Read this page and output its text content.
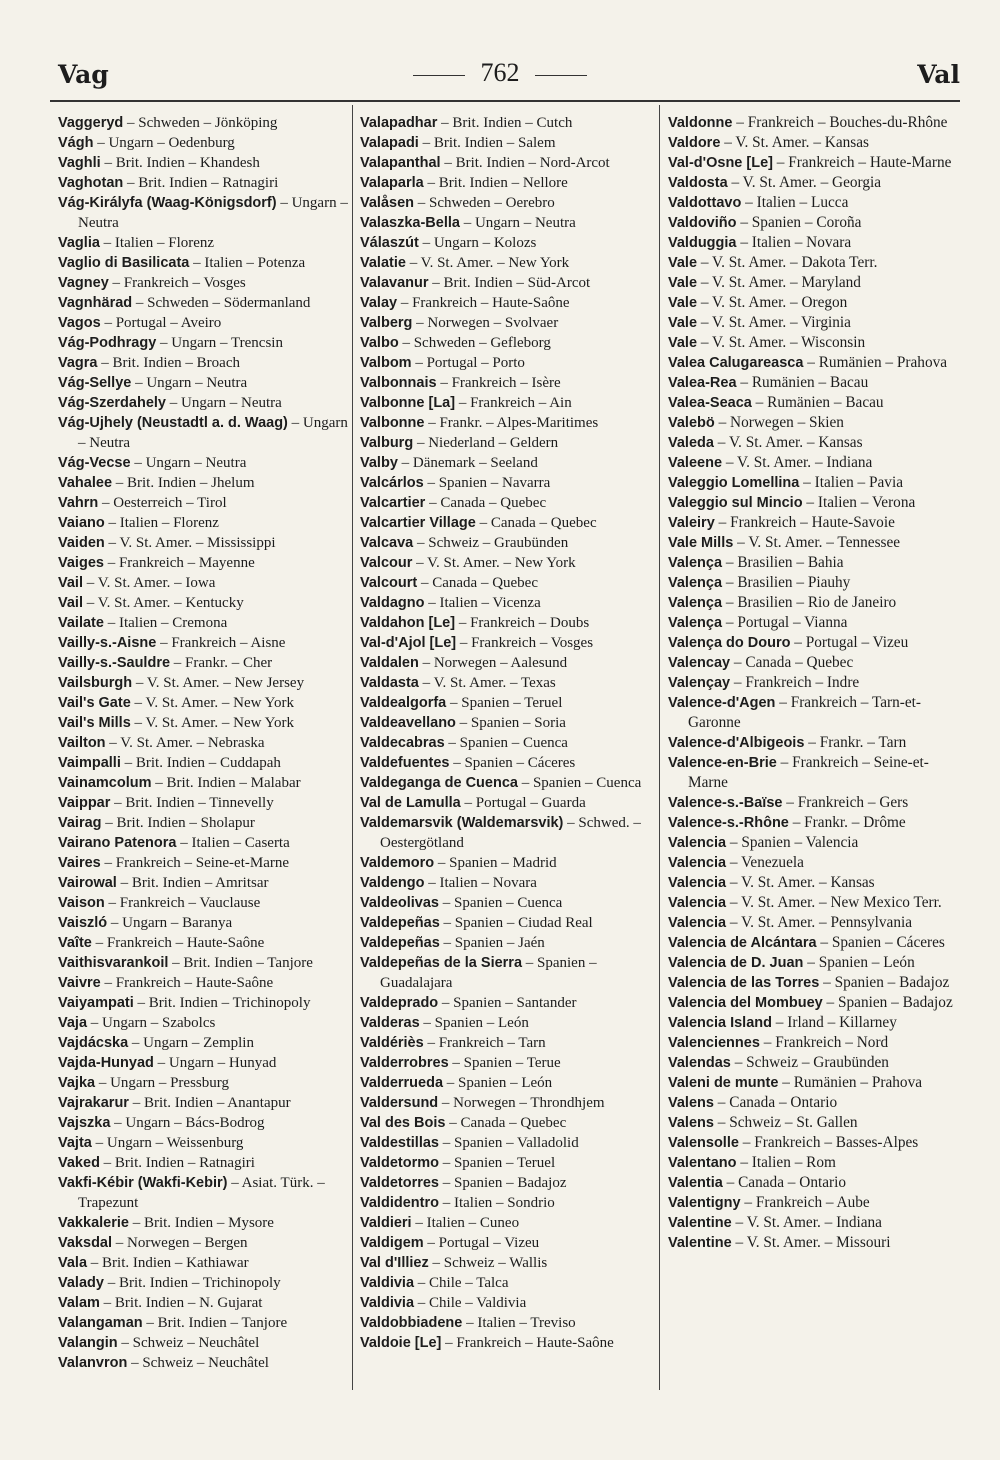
Vag	762	Val
Vaggeryd – Schweden – Jönköping
Vágh – Ungarn – Oedenburg
Vaghli – Brit. Indien – Khandesh
Vaghotan – Brit. Indien – Ratnagiri
Vág-Királyfa (Waag-Königsdorf) – Ungarn – Neutra
Vaglia – Italien – Florenz
Vaglio di Basilicata – Italien – Potenza
Vagney – Frankreich – Vosges
Vagnhärad – Schweden – Södermanland
Vagos – Portugal – Aveiro
Vág-Podhragy – Ungarn – Trencsin
Vagra – Brit. Indien – Broach
Vág-Sellye – Ungarn – Neutra
Vág-Szerdahely – Ungarn – Neutra
Vág-Ujhely (Neustadtl a. d. Waag) – Ungarn – Neutra
Vág-Vecse – Ungarn – Neutra
Vahalee – Brit. Indien – Jhelum
Vahrn – Oesterreich – Tirol
Vaiano – Italien – Florenz
Vaiden – V. St. Amer. – Mississippi
Vaiges – Frankreich – Mayenne
Vail – V. St. Amer. – Iowa
Vail – V. St. Amer. – Kentucky
Vailate – Italien – Cremona
Vailly-s.-Aisne – Frankreich – Aisne
Vailly-s.-Sauldre – Frankr. – Cher
Vailsburgh – V. St. Amer. – New Jersey
Vail's Gate – V. St. Amer. – New York
Vail's Mills – V. St. Amer. – New York
Vailton – V. St. Amer. – Nebraska
Vaimpalli – Brit. Indien – Cuddapah
Vainamcolum – Brit. Indien – Malabar
Vaippar – Brit. Indien – Tinnevelly
Vairag – Brit. Indien – Sholapur
Vairano Patenora – Italien – Caserta
Vaires – Frankreich – Seine-et-Marne
Vairowal – Brit. Indien – Amritsar
Vaison – Frankreich – Vauclause
Vaiszló – Ungarn – Baranya
Vaîte – Frankreich – Haute-Saône
Vaithisvarankoil – Brit. Indien – Tanjore
Vaivre – Frankreich – Haute-Saône
Vaiyampati – Brit. Indien – Trichinopoly
Vaja – Ungarn – Szabolcs
Vajdácska – Ungarn – Zemplin
Vajda-Hunyad – Ungarn – Hunyad
Vajka – Ungarn – Pressburg
Vajrakarur – Brit. Indien – Anantapur
Vajszka – Ungarn – Bács-Bodrog
Vajta – Ungarn – Weissenburg
Vaked – Brit. Indien – Ratnagiri
Vakfi-Kébir (Wakfi-Kebir) – Asiat. Türk. – Trapezunt
Vakkalerie – Brit. Indien – Mysore
Vaksdal – Norwegen – Bergen
Vala – Brit. Indien – Kathiawar
Valady – Brit. Indien – Trichinopoly
Valam – Brit. Indien – N. Gujarat
Valangaman – Brit. Indien – Tanjore
Valangin – Schweiz – Neuchâtel
Valanvron – Schweiz – Neuchâtel
Valapadhar – Brit. Indien – Cutch
Valapadi – Brit. Indien – Salem
Valapanthal – Brit. Indien – Nord-Arcot
Valaparla – Brit. Indien – Nellore
Valåsen – Schweden – Oerebro
Valaszka-Bella – Ungarn – Neutra
Válaszút – Ungarn – Kolozs
Valatie – V. St. Amer. – New York
Valavanur – Brit. Indien – Süd-Arcot
Valay – Frankreich – Haute-Saône
Valberg – Norwegen – Svolvaer
Valbo – Schweden – Gefleborg
Valbom – Portugal – Porto
Valbonnais – Frankreich – Isère
Valbonne [La] – Frankreich – Ain
Valbonne – Frankr. – Alpes-Maritimes
Valburg – Niederland – Geldern
Valby – Dänemark – Seeland
Valcárlos – Spanien – Navarra
Valcartier – Canada – Quebec
Valcartier Village – Canada – Quebec
Valcava – Schweiz – Graubünden
Valcour – V. St. Amer. – New York
Valcourt – Canada – Quebec
Valdagno – Italien – Vicenza
Valdahon [Le] – Frankreich – Doubs
Val-d'Ajol [Le] – Frankreich – Vosges
Valdalen – Norwegen – Aalesund
Valdasta – V. St. Amer. – Texas
Valdealgorfa – Spanien – Teruel
Valdeavellano – Spanien – Soria
Valdecabras – Spanien – Cuenca
Valdefuentes – Spanien – Cáceres
Valdeganga de Cuenca – Spanien – Cuenca
Val de Lamulla – Portugal – Guarda
Valdemarsvik (Waldemarsvik) – Schwed. – Oestergötland
Valdemoro – Spanien – Madrid
Valdengo – Italien – Novara
Valdeolivas – Spanien – Cuenca
Valdepeñas – Spanien – Ciudad Real
Valdepeñas – Spanien – Jaén
Valdepeñas de la Sierra – Spanien – Guadalajara
Valdeprado – Spanien – Santander
Valderas – Spanien – León
Valdériès – Frankreich – Tarn
Valderrobres – Spanien – Terue
Valderrueda – Spanien – León
Valdersund – Norwegen – Throndhjem
Val des Bois – Canada – Quebec
Valdestillas – Spanien – Valladolid
Valdetormo – Spanien – Teruel
Valdetorres – Spanien – Badajoz
Valdidentro – Italien – Sondrio
Valdieri – Italien – Cuneo
Valdigem – Portugal – Vizeu
Val d'Illiez – Schweiz – Wallis
Valdivia – Chile – Talca
Valdivia – Chile – Valdivia
Valdobbiadene – Italien – Treviso
Valdoie [Le] – Frankreich – Haute-Saône
Valdonne – Frankreich – Bouches-du-Rhône
Valdore – V. St. Amer. – Kansas
Val-d'Osne [Le] – Frankreich – Haute-Marne
Valdosta – V. St. Amer. – Georgia
Valdottavo – Italien – Lucca
Valdoviño – Spanien – Coroña
Valduggia – Italien – Novara
Vale – V. St. Amer. – Dakota Terr.
Vale – V. St. Amer. – Maryland
Vale – V. St. Amer. – Oregon
Vale – V. St. Amer. – Virginia
Vale – V. St. Amer. – Wisconsin
Valea Calugareasca – Rumänien – Prahova
Valea-Rea – Rumänien – Bacau
Valea-Seaca – Rumänien – Bacau
Valebö – Norwegen – Skien
Valeda – V. St. Amer. – Kansas
Valeene – V. St. Amer. – Indiana
Valeggio Lomellina – Italien – Pavia
Valeggio sul Mincio – Italien – Verona
Valeiry – Frankreich – Haute-Savoie
Vale Mills – V. St. Amer. – Tennessee
Valença – Brasilien – Bahia
Valença – Brasilien – Piauhy
Valença – Brasilien – Rio de Janeiro
Valença – Portugal – Vianna
Valença do Douro – Portugal – Vizeu
Valencay – Canada – Quebec
Valençay – Frankreich – Indre
Valence-d'Agen – Frankreich – Tarn-et-Garonne
Valence-d'Albigeois – Frankr. – Tarn
Valence-en-Brie – Frankreich – Seine-et-Marne
Valence-s.-Baïse – Frankreich – Gers
Valence-s.-Rhône – Frankr. – Drôme
Valencia – Spanien – Valencia
Valencia – Venezuela
Valencia – V. St. Amer. – Kansas
Valencia – V. St. Amer. – New Mexico Terr.
Valencia – V. St. Amer. – Pennsylvania
Valencia de Alcántara – Spanien – Cáceres
Valencia de D. Juan – Spanien – León
Valencia de las Torres – Spanien – Badajoz
Valencia del Mombuey – Spanien – Badajoz
Valencia Island – Irland – Killarney
Valenciennes – Frankreich – Nord
Valendas – Schweiz – Graubünden
Valeni de munte – Rumänien – Prahova
Valens – Canada – Ontario
Valens – Schweiz – St. Gallen
Valensolle – Frankreich – Basses-Alpes
Valentano – Italien – Rom
Valentia – Canada – Ontario
Valentigny – Frankreich – Aube
Valentine – V. St. Amer. – Indiana
Valentine – V. St. Amer. – Missouri
